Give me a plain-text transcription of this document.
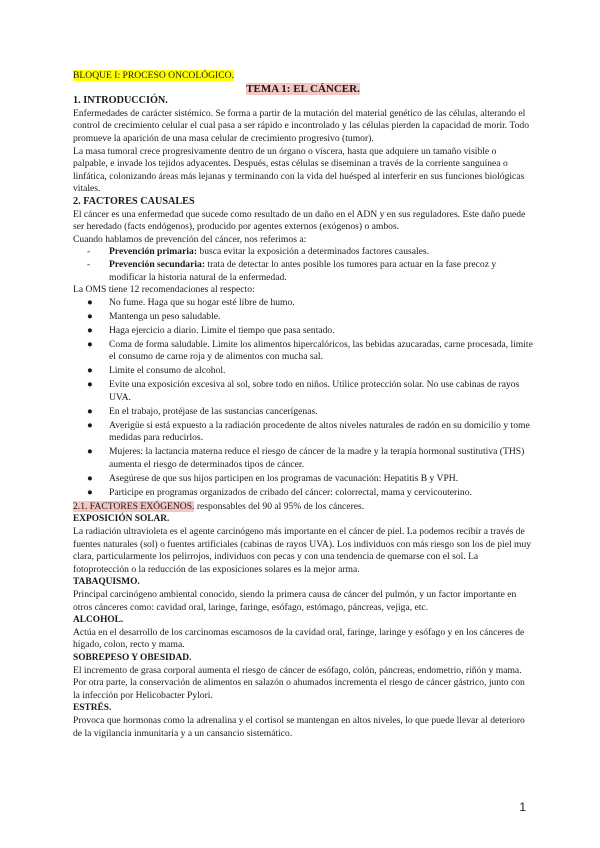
BLOQUE I: PROCESO ONCOLÓGICO.

TEMA 1: EL CÁNCER.

1. INTRODUCCIÓN.

Enfermedades de carácter sistémico. Se forma a partir de la mutación del material genético de las células, alterando el control de crecimiento celular el cual pasa a ser rápido e incontrolado y las células pierden la capacidad de morir. Todo promueve la aparición de una masa celular de crecimiento progresivo (tumor).

La masa tumoral crece progresivamente dentro de un órgano o víscera, hasta que adquiere un tamaño visible o palpable, e invade los tejidos adyacentes. Después, estas células se diseminan a través de la corriente sanguínea o linfática, colonizando áreas más lejanas y terminando con la vida del huésped al interferir en sus funciones biológicas vitales.

2. FACTORES CAUSALES

El cáncer es una enfermedad que sucede como resultado de un daño en el ADN y en sus reguladores. Este daño puede ser heredado (facts endógenos), producido por agentes externos (exógenos) o ambos.

Cuando hablamos de prevención del cáncer, nos referimos a:

- Prevención primaria: busca evitar la exposición a determinados factores causales.
- Prevención secundaria: trata de detectar lo antes posible los tumores para actuar en la fase precoz y modificar la historia natural de la enfermedad.

La OMS tiene 12 recomendaciones al respecto:

● No fume. Haga que su hogar esté libre de humo.
● Mantenga un peso saludable.
● Haga ejercicio a diario. Limite el tiempo que pasa sentado.
● Coma de forma saludable. Limite los alimentos hipercalóricos, las bebidas azucaradas, carne procesada, limite el consumo de carne roja y de alimentos con mucha sal.
● Limite el consumo de alcohol.
● Evite una exposición excesiva al sol, sobre todo en niños. Utilice protección solar. No use cabinas de rayos UVA.
● En el trabajo, protéjase de las sustancias cancerígenas.
● Averigüe si está expuesto a la radiación procedente de altos niveles naturales de radón en su domicilio y tome medidas para reducirlos.
● Mujeres: la lactancia materna reduce el riesgo de cáncer de la madre y la terapia hormonal sustitutiva (THS) aumenta el riesgo de determinados tipos de cáncer.
● Asegúrese de que sus hijos participen en los programas de vacunación: Hepatitis B y VPH.
● Participe en programas organizados de cribado del cáncer: colorrectal, mama y cervicouterino.

2.1. FACTORES EXÓGENOS. responsables del 90 al 95% de los cánceres.

EXPOSICIÓN SOLAR.

La radiación ultravioleta es el agente carcinógeno más importante en el cáncer de piel. La podemos recibir a través de fuentes naturales (sol) o fuentes artificiales (cabinas de rayos UVA). Los individuos con más riesgo son los de piel muy clara, particularmente los pelirrojos, individuos con pecas y con una tendencia de quemarse con el sol. La fotoprotección o la reducción de las exposiciones solares es la mejor arma.

TABAQUISMO.

Principal carcinógeno ambiental conocido, siendo la primera causa de cáncer del pulmón, y un factor importante en otros cánceres como: cavidad oral, laringe, faringe, esófago, estómago, páncreas, vejiga, etc.

ALCOHOL.

Actúa en el desarrollo de los carcinomas escamosos de la cavidad oral, faringe, laringe y esófago y en los cánceres de hígado, colon, recto y mama.

SOBREPESO Y OBESIDAD.

El incremento de grasa corporal aumenta el riesgo de cáncer de esófago, colón, páncreas, endometrio, riñón y mama. Por otra parte, la conservación de alimentos en salazón o ahumados incrementa el riesgo de cáncer gástrico, junto con la infección por Helicobacter Pylori.

ESTRÉS.

Provoca que hormonas como la adrenalina y el cortisol se mantengan en altos niveles, lo que puede llevar al deterioro de la vigilancia inmunitaria y a un cansancio sistemático.

1
